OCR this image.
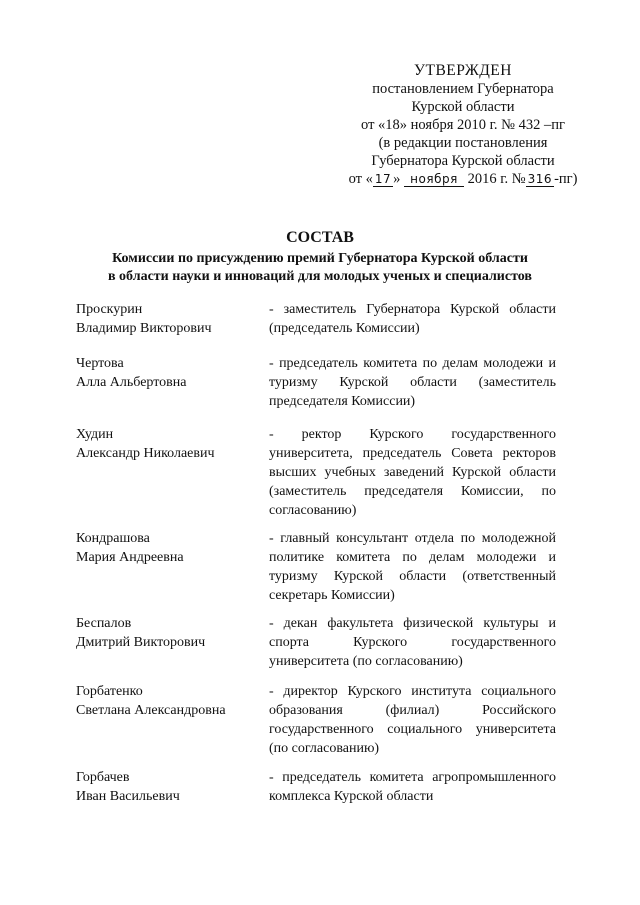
УТВЕРЖДЕН
постановлением Губернатора
Курской области
от «18» ноября 2010 г. № 432 –пг
(в редакции постановления
Губернатора Курской области
от « 17 » ноября 2016 г. № 316 -пг)
СОСТАВ
Комиссии по присуждению премий Губернатора Курской области
в области науки и инноваций для молодых ученых и специалистов
Проскурин
Владимир Викторович
- заместитель Губернатора Курской области (председатель Комиссии)
Чертова
Алла Альбертовна
- председатель комитета по делам молодежи и туризму Курской области (заместитель председателя Комиссии)
Худин
Александр Николаевич
- ректор Курского государственного университета, председатель Совета ректоров высших учебных заведений Курской области (заместитель председателя Комиссии, по согласованию)
Кондрашова
Мария Андреевна
- главный консультант отдела по молодежной политике комитета по делам молодежи и туризму Курской области (ответственный секретарь Комиссии)
Беспалов
Дмитрий Викторович
- декан факультета физической культуры и спорта Курского государственного университета (по согласованию)
Горбатенко
Светлана Александровна
- директор Курского института социального образования (филиал) Российского государственного социального университета (по согласованию)
Горбачев
Иван Васильевич
- председатель комитета агропромышленного комплекса Курской области
